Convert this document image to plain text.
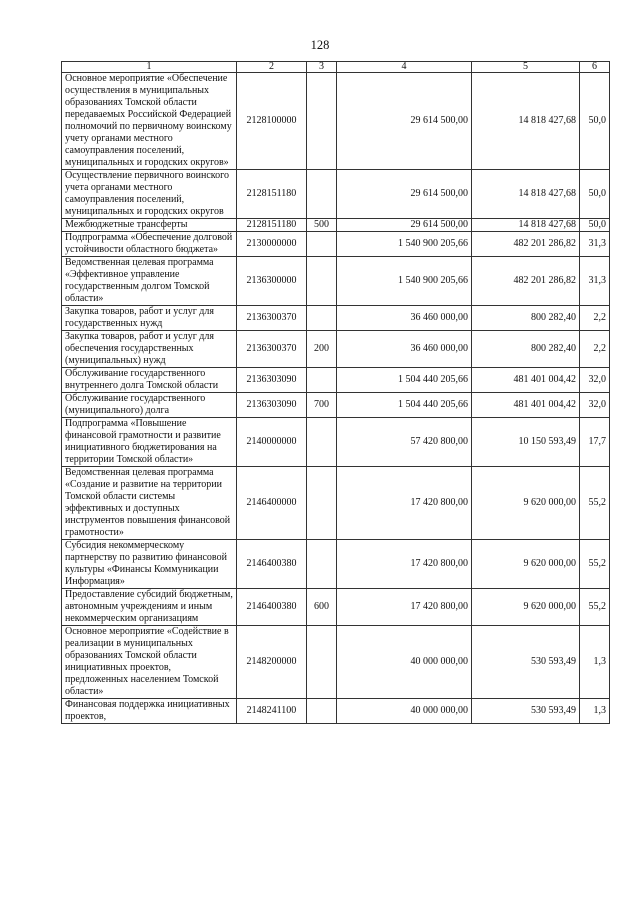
128
1	2	3	4	5	6
Основное мероприятие «Обеспечение осуществления в муниципальных образованиях Томской области передаваемых Российской Федерацией полномочий по первичному воинскому учету органами местного самоуправления поселений, муниципальных и городских округов»	2128100000		29 614 500,00	14 818 427,68	50,0
Осуществление первичного воинского учета органами местного самоуправления поселений, муниципальных и городских округов	2128151180		29 614 500,00	14 818 427,68	50,0
Межбюджетные трансферты	2128151180	500	29 614 500,00	14 818 427,68	50,0
Подпрограмма «Обеспечение долговой устойчивости областного бюджета»	2130000000		1 540 900 205,66	482 201 286,82	31,3
Ведомственная целевая программа «Эффективное управление государственным долгом Томской области»	2136300000		1 540 900 205,66	482 201 286,82	31,3
Закупка товаров, работ и услуг для государственных нужд	2136300370		36 460 000,00	800 282,40	2,2
Закупка товаров, работ и услуг для обеспечения государственных (муниципальных) нужд	2136300370	200	36 460 000,00	800 282,40	2,2
Обслуживание государственного внутреннего долга Томской области	2136303090		1 504 440 205,66	481 401 004,42	32,0
Обслуживание государственного (муниципального) долга	2136303090	700	1 504 440 205,66	481 401 004,42	32,0
Подпрограмма «Повышение финансовой грамотности и развитие инициативного бюджетирования на территории Томской области»	2140000000		57 420 800,00	10 150 593,49	17,7
Ведомственная целевая программа «Создание и развитие на территории Томской области системы эффективных и доступных инструментов повышения финансовой грамотности»	2146400000		17 420 800,00	9 620 000,00	55,2
Субсидия некоммерческому партнерству по развитию финансовой культуры «Финансы Коммуникации Информация»	2146400380		17 420 800,00	9 620 000,00	55,2
Предоставление субсидий бюджетным, автономным учреждениям и иным некоммерческим организациям	2146400380	600	17 420 800,00	9 620 000,00	55,2
Основное мероприятие «Содействие в реализации в муниципальных образованиях Томской области инициативных проектов, предложенных населением Томской области»	2148200000		40 000 000,00	530 593,49	1,3
Финансовая поддержка инициативных проектов,	2148241100		40 000 000,00	530 593,49	1,3
